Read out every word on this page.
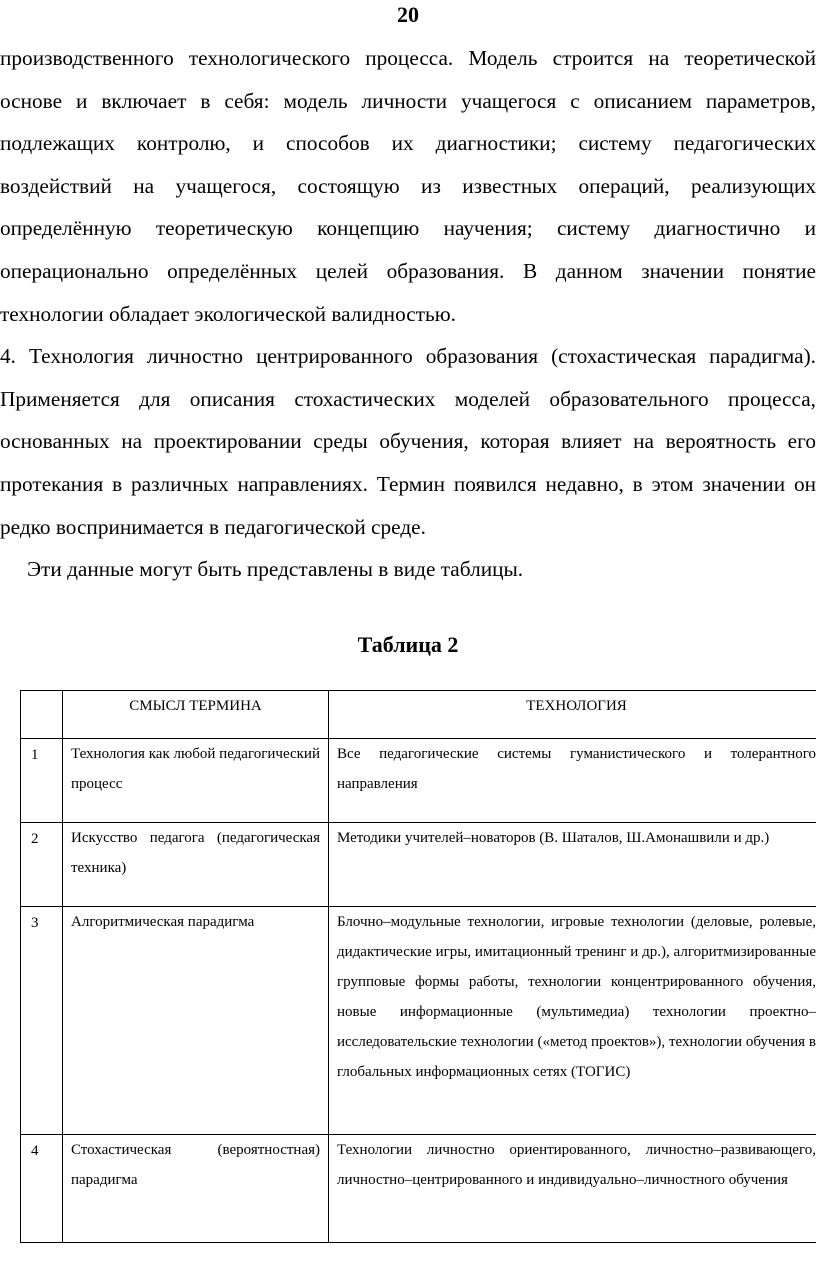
20

производственного технологического процесса. Модель строится на теоретической основе и включает в себя: модель личности учащегося с описанием параметров, подлежащих контролю, и способов их диагностики; систему педагогических воздействий на учащегося, состоящую из известных операций, реализующих определённую теоретическую концепцию научения; систему диагностично и операционально определённых целей образования. В данном значении понятие технологии обладает экологической валидностью.

4. Технология личностно центрированного образования (стохастическая парадигма). Применяется для описания стохастических моделей образовательного процесса, основанных на проектировании среды обучения, которая влияет на вероятность его протекания в различных направлениях. Термин появился недавно, в этом значении он редко воспринимается в педагогической среде.

Эти данные могут быть представлены в виде таблицы.

Таблица 2
	СМЫСЛ ТЕРМИНА	ТЕХНОЛОГИЯ
1	Технология как любой педагогический процесс	Все педагогические системы гуманистического и толерантного направления
2	Искусство педагога (педагогическая техника)	Методики учителей–новаторов (В. Шаталов, Ш.Амонашвили и др.)
3	Алгоритмическая парадигма	Блочно–модульные технологии, игровые технологии (деловые, ролевые, дидактические игры, имитационный тренинг и др.), алгоритмизированные групповые формы работы, технологии концентрированного обучения, новые информационные (мультимедиа) технологии проектно–исследовательские технологии («метод проектов»), технологии обучения в глобальных информационных сетях (ТОГИС)
4	Стохастическая (вероятностная) парадигма	Технологии личностно ориентированного, личностно–развивающего, личностно–центрированного и индивидуально–личностного обучения
